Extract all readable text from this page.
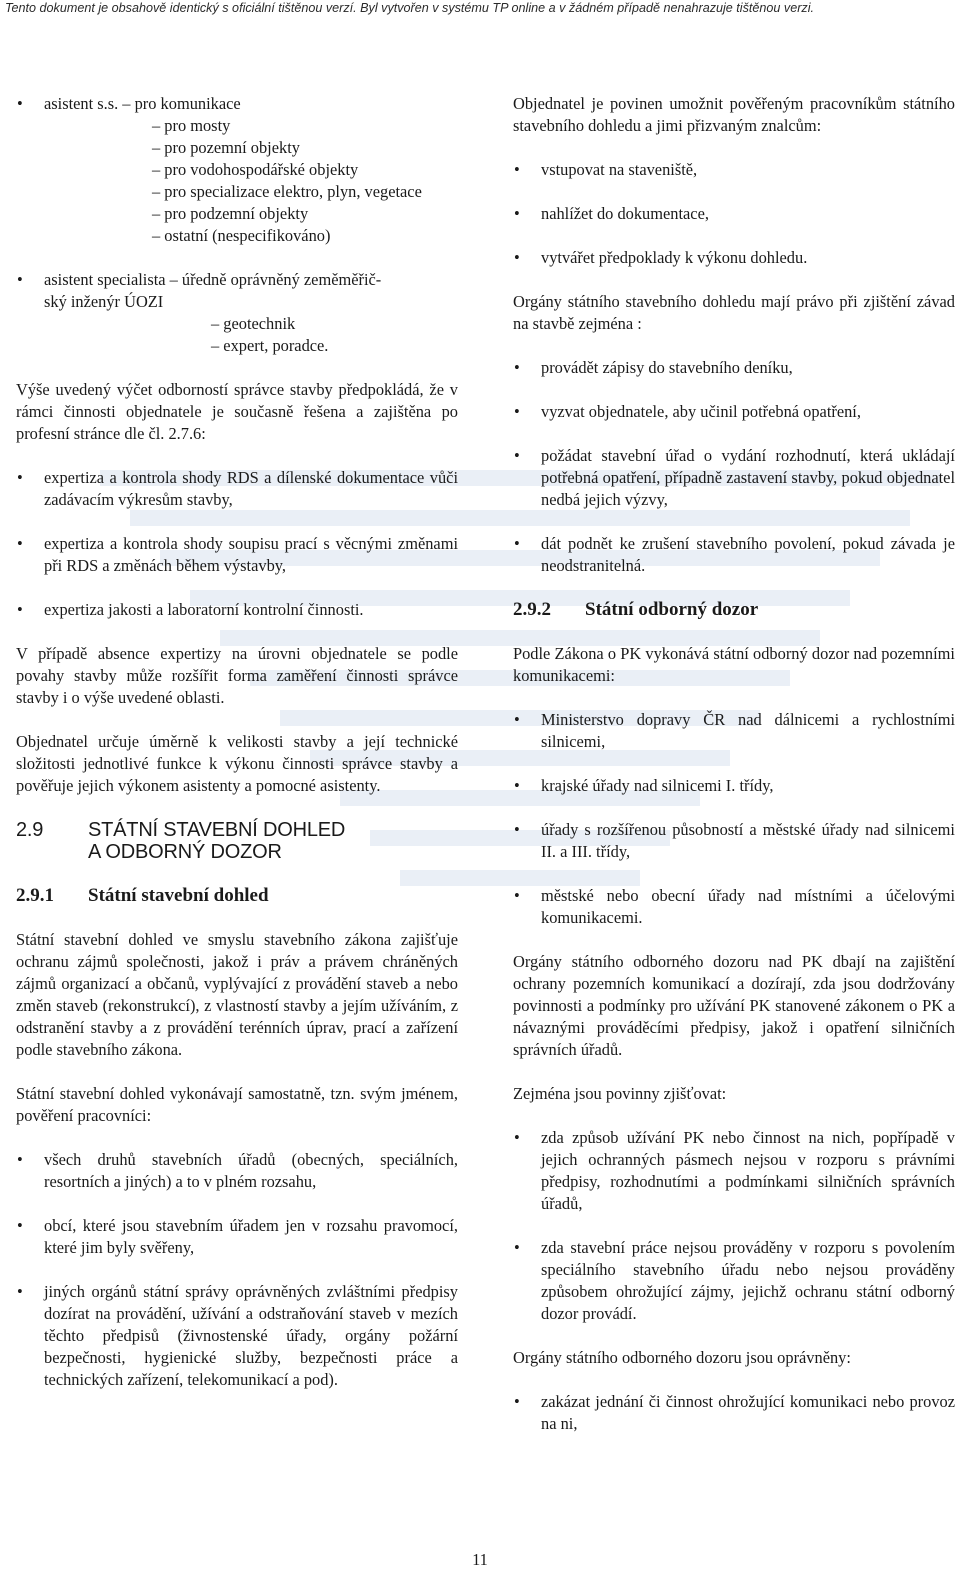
Tento dokument je obsahově identický s oficiální tištěnou verzí. Byl vytvořen v systému TP online a v žádném případě nenahrazuje tištěnou verzi.
• asistent s.s. – pro komunikace
– pro mosty
– pro pozemní objekty
– pro vodohospodářské objekty
– pro specializace elektro, plyn, vegetace
– pro podzemní objekty
– ostatní (nespecifikováno)
• asistent specialista – úředně oprávněný zeměměřič-
ský inženýr ÚOZI
– geotechnik
– expert, poradce.

Výše uvedený výčet odborností správce stavby předpokládá, že v rámci činnosti objednatele je současně řešena a zajištěna po profesní stránce dle čl. 2.7.6:

• expertiza a kontrola shody RDS a dílenské dokumentace vůči zadávacím výkresům stavby,
• expertiza a kontrola shody soupisu prací s věcnými změnami při RDS a změnách během výstavby,
• expertiza jakosti a laboratorní kontrolní činnosti.

V případě absence expertizy na úrovni objednatele se podle povahy stavby může rozšířit forma zaměření činnosti správce stavby i o výše uvedené oblasti.

Objednatel určuje úměrně k velikosti stavby a její technické složitosti jednotlivé funkce k výkonu činnosti správce stavby a pověřuje jejich výkonem asistenty a pomocné asistenty.

2.9 STÁTNÍ STAVEBNÍ DOHLED
A ODBORNÝ DOZOR
2.9.1 Státní stavební dohled

Státní stavební dohled ve smyslu stavebního zákona zajišťuje ochranu zájmů společnosti, jakož i práv a právem chráněných zájmů organizací a občanů, vyplývající z provádění staveb a nebo změn staveb (rekonstrukcí), z vlastností stavby a jejím užíváním, z odstranění stavby a z provádění terénních úprav, prací a zařízení podle stavebního zákona.

Státní stavební dohled vykonávají samostatně, tzn. svým jménem, pověření pracovníci:

• všech druhů stavebních úřadů (obecných, speciálních, resortních a jiných) a to v plném rozsahu,
• obcí, které jsou stavebním úřadem jen v rozsahu pravomocí, které jim byly svěřeny,
• jiných orgánů státní správy oprávněných zvláštními předpisy dozírat na provádění, užívání a odstraňování staveb v mezích těchto předpisů (živnostenské úřady, orgány požární bezpečnosti, hygienické služby, bezpečnosti práce a technických zařízení, telekomunikací a pod).

Objednatel je povinen umožnit pověřeným pracovníkům státního stavebního dohledu a jimi přizvaným znalcům:

• vstupovat na staveniště,
• nahlížet do dokumentace,
• vytvářet předpoklady k výkonu dohledu.

Orgány státního stavebního dohledu mají právo při zjištění závad na stavbě zejména :

• provádět zápisy do stavebního deníku,
• vyzvat objednatele, aby učinil potřebná opatření,
• požádat stavební úřad o vydání rozhodnutí, která ukládají potřebná opatření, případně zastavení stavby, pokud objednatel nedbá jejich výzvy,
• dát podnět ke zrušení stavebního povolení, pokud závada je neodstranitelná.
2.9.2 Státní odborný dozor

Podle Zákona o PK vykonává státní odborný dozor nad pozemními komunikacemi:

• Ministerstvo dopravy ČR nad dálnicemi a rychlostními silnicemi,
• krajské úřady nad silnicemi I. třídy,
• úřady s rozšířenou působností a městské úřady nad silnicemi II. a III. třídy,
• městské nebo obecní úřady nad místními a účelovými komunikacemi.

Orgány státního odborného dozoru nad PK dbají na zajištění ochrany pozemních komunikací a dozírají, zda jsou dodržovány povinnosti a podmínky pro užívání PK stanovené zákonem o PK a návaznými prováděcími předpisy, jakož i opatření silničních správních úřadů.

Zejména jsou povinny zjišťovat:

• zda způsob užívání PK nebo činnost na nich, popřípadě v jejich ochranných pásmech nejsou v rozporu s právními předpisy, rozhodnutími a podmínkami silničních správních úřadů,
• zda stavební práce nejsou prováděny v rozporu s povolením speciálního stavebního úřadu nebo nejsou prováděny způsobem ohrožující zájmy, jejichž ochranu státní odborný dozor provádí.

Orgány státního odborného dozoru jsou oprávněny:

• zakázat jednání či činnost ohrožující komunikaci nebo provoz na ni,
11
